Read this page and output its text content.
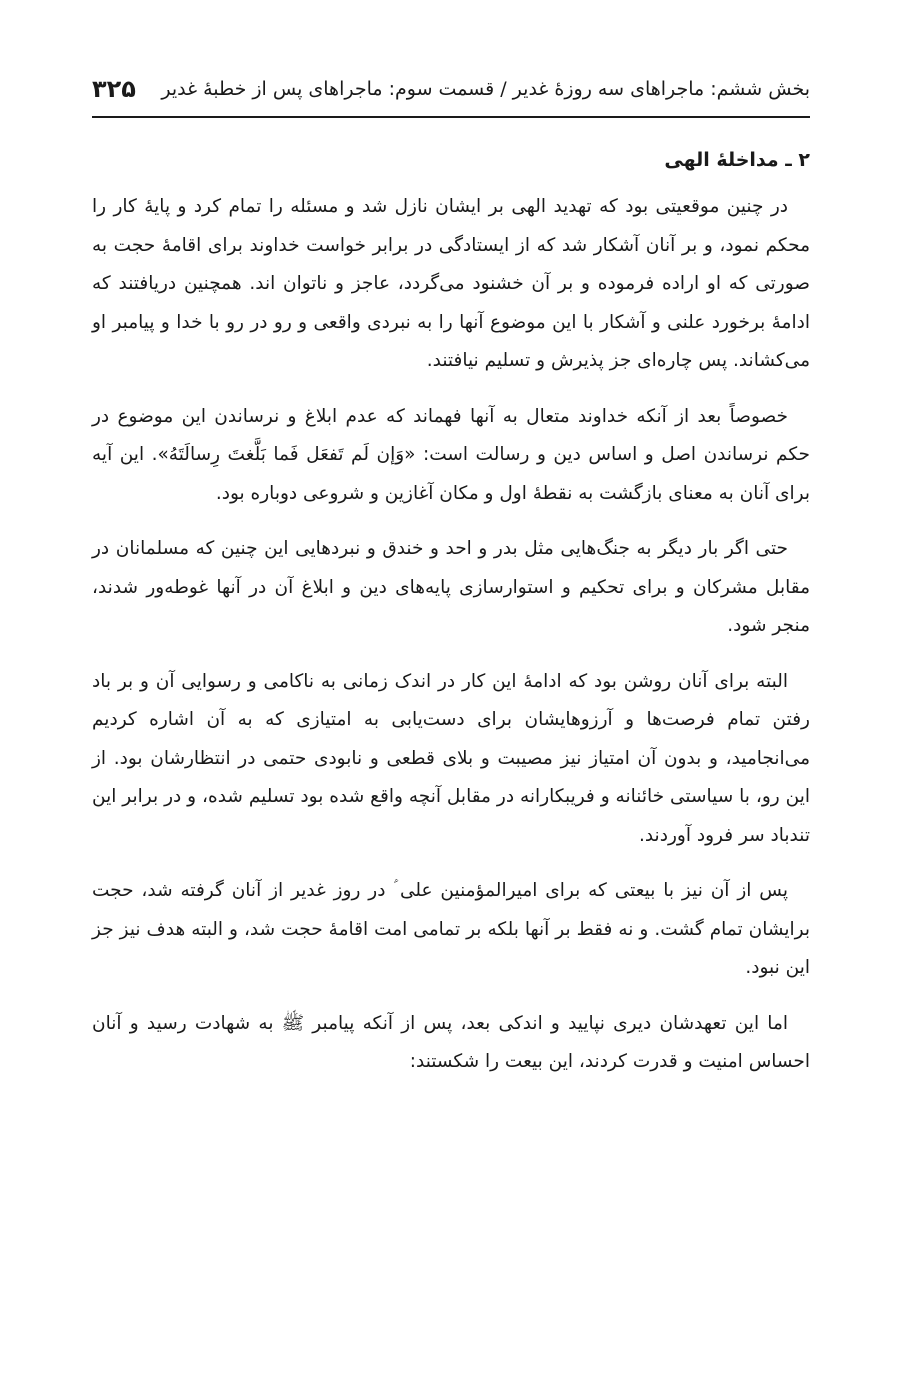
بخش ششم: ماجراهای سه روزهٔ غدیر / قسمت سوم: ماجراهای پس از خطبهٔ غدیر
۳۲۵
۲ ـ مداخلهٔ الهی

در چنین موقعیتی بود که تهدید الهی بر ایشان نازل شد و مسئله را تمام کرد و پایهٔ کار را محکم نمود، و بر آنان آشکار شد که از ایستادگی در برابر خواست خداوند برای اقامهٔ حجت به صورتی که او اراده فرموده و بر آن خشنود می‌گردد، عاجز و ناتوان اند. همچنین دریافتند که ادامهٔ برخورد علنی و آشکار با این موضوع آنها را به نبردی واقعی و رو در رو با خدا و پیامبر او می‌کشاند. پس چاره‌ای جز پذیرش و تسلیم نیافتند.

خصوصاً بعد از آنکه خداوند متعال به آنها فهماند که عدم ابلاغ و نرساندن این موضوع در حکم نرساندن اصل و اساس دین و رسالت است: «وَإن لَم تَفعَل فَما بَلَّغتَ رِسالَتَهُ». این آیه برای آنان به معنای بازگشت به نقطهٔ اول و مکان آغازین و شروعی دوباره بود.

حتی اگر بار دیگر به جنگ‌هایی مثل بدر و احد و خندق و نبردهایی این چنین که مسلمانان در مقابل مشرکان و برای تحکیم و استوارسازی پایه‌های دین و ابلاغ آن در آنها غوطه‌ور شدند، منجر شود.

البته برای آنان روشن بود که ادامهٔ این کار در اندک زمانی به ناکامی و رسوایی آن و بر باد رفتن تمام فرصت‌ها و آرزوهایشان برای دست‌یابی به امتیازی که به آن اشاره کردیم می‌انجامید، و بدون آن امتیاز نیز مصیبت و بلای قطعی و نابودی حتمی در انتظارشان بود. از این رو، با سیاستی خائنانه و فریبکارانه در مقابل آنچه واقع شده بود تسلیم شده، و در برابر این تندباد سر فرود آوردند.

پس از آن نیز با بیعتی که برای امیرالمؤمنین علی ؑ در روز غدیر از آنان گرفته شد، حجت برایشان تمام گشت. و نه فقط بر آنها بلکه بر تمامی امت اقامهٔ حجت شد، و البته هدف نیز جز این نبود.

اما این تعهدشان دیری نپایید و اندکی بعد، پس از آنکه پیامبر ﷺ به شهادت رسید و آنان احساس امنیت و قدرت کردند، این بیعت را شکستند:
